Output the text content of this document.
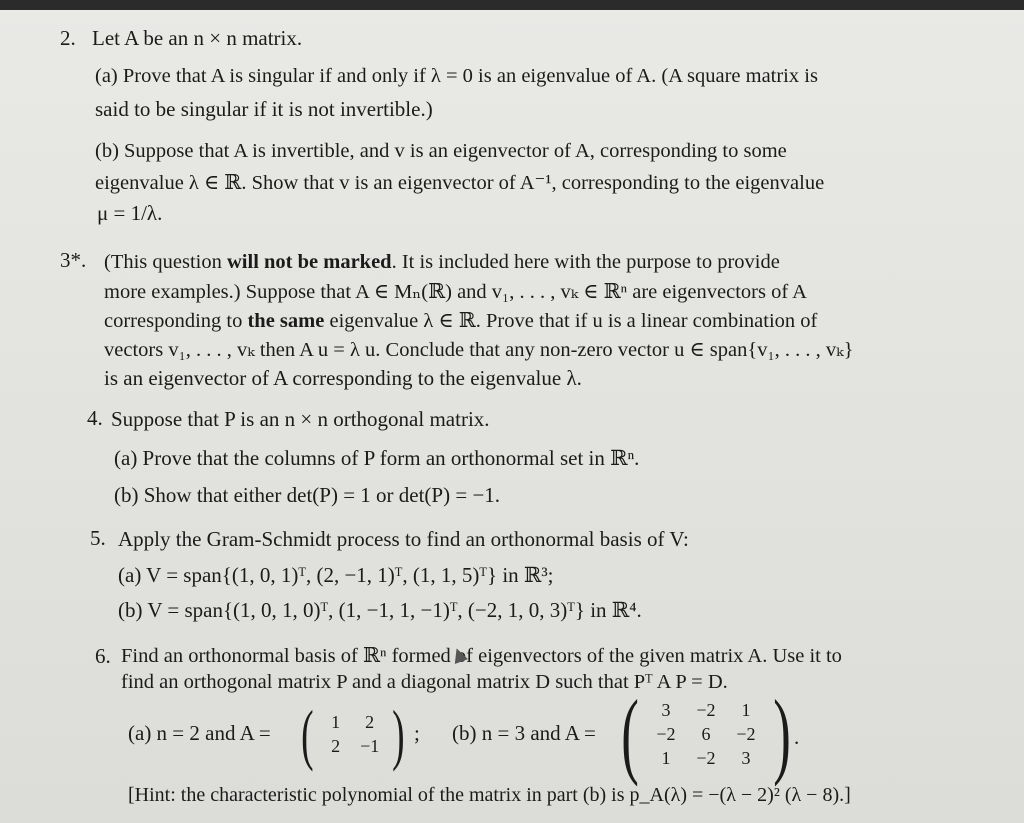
2. Let A be an n × n matrix.
(a) Prove that A is singular if and only if λ = 0 is an eigenvalue of A. (A square matrix is
said to be singular if it is not invertible.)
(b) Suppose that A is invertible, and v is an eigenvector of A, corresponding to some
eigenvalue λ ∈ ℝ. Show that v is an eigenvector of A⁻¹, corresponding to the eigenvalue
μ = 1/λ.
3*. (This question will not be marked. It is included here with the purpose to provide
more examples.) Suppose that A ∈ Mₙ(ℝ) and v₁, . . . , vₖ ∈ ℝⁿ are eigenvectors of A
corresponding to the same eigenvalue λ ∈ ℝ. Prove that if u is a linear combination of
vectors v₁, . . . , vₖ then A u = λ u. Conclude that any non-zero vector u ∈ span{v₁, . . . , vₖ}
is an eigenvector of A corresponding to the eigenvalue λ.
4. Suppose that P is an n × n orthogonal matrix.
(a) Prove that the columns of P form an orthonormal set in ℝⁿ.
(b) Show that either det(P) = 1 or det(P) = −1.
5. Apply the Gram-Schmidt process to find an orthonormal basis of V:
(a) V = span{(1, 0, 1)ᵀ, (2, −1, 1)ᵀ, (1, 1, 5)ᵀ} in ℝ³;
(b) V = span{(1, 0, 1, 0)ᵀ, (1, −1, 1, −1)ᵀ, (−2, 1, 0, 3)ᵀ} in ℝ⁴.
6. Find an orthonormal basis of ℝⁿ formed of eigenvectors of the given matrix A. Use it to
find an orthogonal matrix P and a diagonal matrix D such that Pᵀ A P = D.
(a) n = 2 and A = ( 1	2
2	−1 ) ; (b) n = 3 and A = (	3	−2	1
−2	6	−2
1	−2	3 ) .
[Hint: the characteristic polynomial of the matrix in part (b) is p_A(λ) = −(λ − 2)² (λ − 8).]
